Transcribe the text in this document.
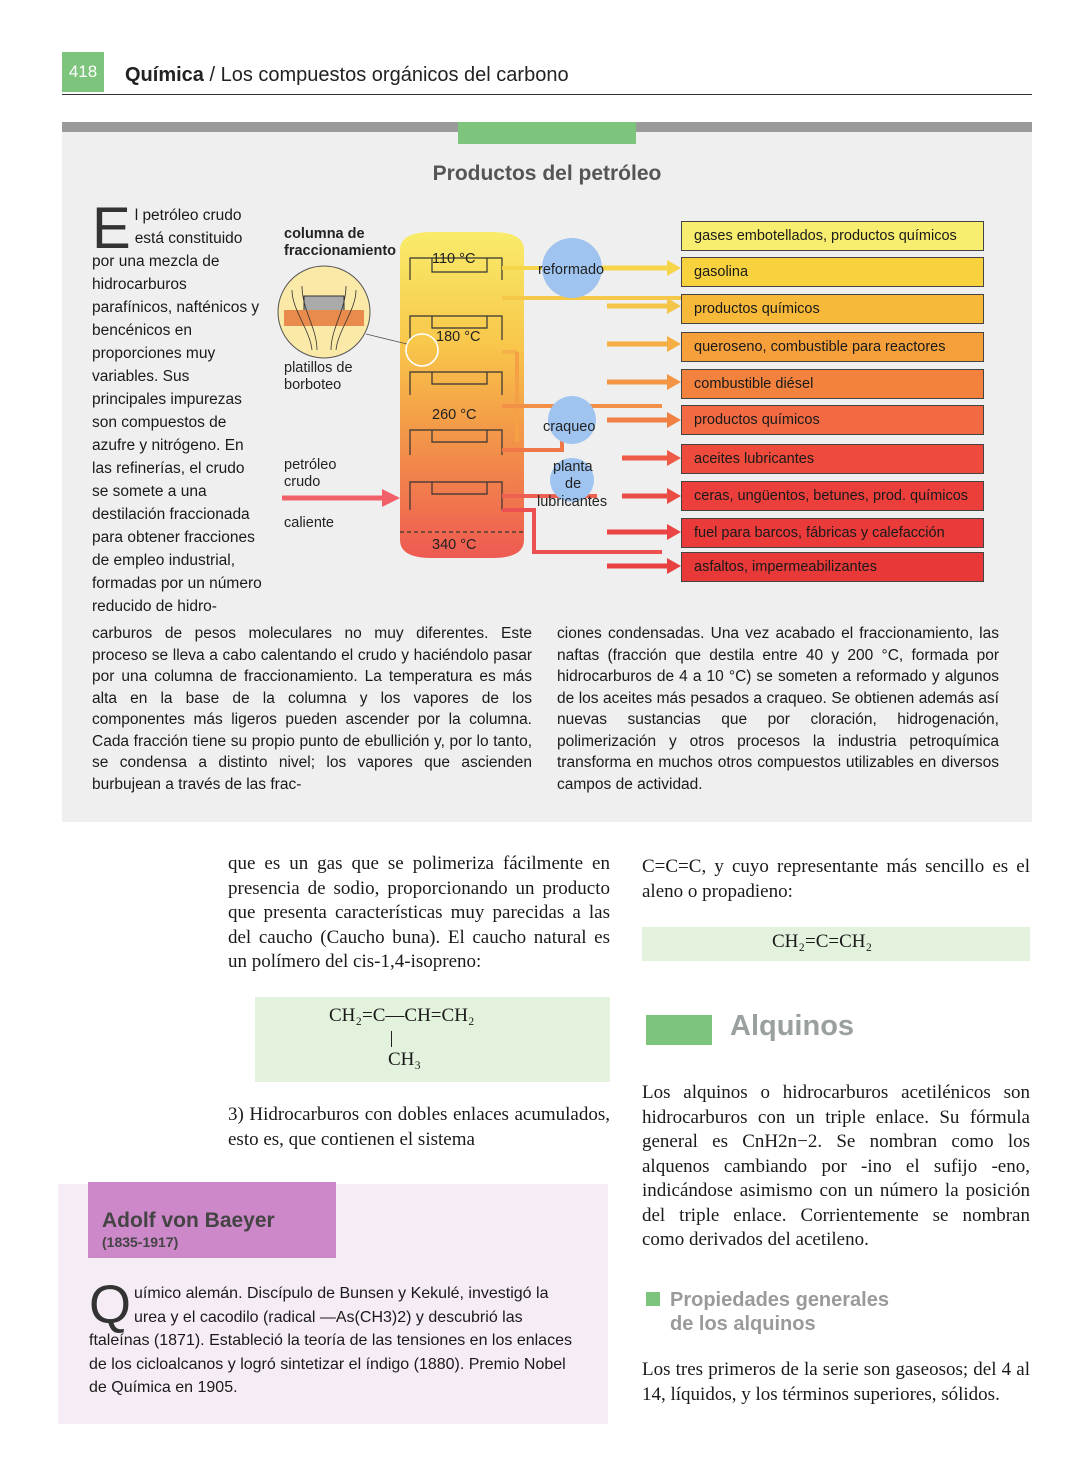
418	Química / Los compuestos orgánicos del carbono
Productos del petróleo
El petróleo crudo está constituido por una mezcla de hidrocarburos parafínicos, nafténicos y bencénicos en proporciones muy variables. Sus principales impurezas son compuestos de azufre y nitrógeno. En las refinerías, el crudo se somete a una destilación fraccionada para obtener fracciones de empleo industrial, formadas por un número reducido de hidro-
columna de fraccionamiento
platillos de borboteo
petróleo
crudo
caliente
110 °C
180 °C
260 °C
340 °C
reformado
craqueo
planta
de
lubricantes
gases embotellados, productos químicos
gasolina
productos químicos
queroseno, combustible para reactores
combustible diésel
productos químicos
aceites lubricantes
ceras, ungüentos, betunes, prod. químicos
fuel para barcos, fábricas y calefacción
asfaltos, impermeabilizantes
carburos de pesos moleculares no muy diferentes. Este proceso se lleva a cabo calentando el crudo y haciéndolo pasar por una columna de fraccionamiento. La temperatura es más alta en la base de la columna y los vapores de los componentes más ligeros pueden ascender por la columna. Cada fracción tiene su propio punto de ebullición y, por lo tanto, se condensa a distinto nivel; los vapores que ascienden burbujean a través de las frac-
ciones condensadas. Una vez acabado el fraccionamiento, las naftas (fracción que destila entre 40 y 200 °C, formada por hidrocarburos de 4 a 10 °C) se someten a reformado y algunos de los aceites más pesados a craqueo. Se obtienen además así nuevas sustancias que por cloración, hidrogenación, polimerización y otros procesos la industria petroquímica transforma en muchos otros compuestos utilizables en diversos campos de actividad.
que es un gas que se polimeriza fácilmente en presencia de sodio, proporcionando un producto que presenta características muy parecidas a las del caucho (Caucho buna). El caucho natural es un polímero del cis-1,4-isopreno:
CH₂=C—CH=CH₂
CH₃
3) Hidrocarburos con dobles enlaces acumulados, esto es, que contienen el sistema
C=C=C, y cuyo representante más sencillo es el aleno o propadieno:
CH₂=C=CH₂
Alquinos
Los alquinos o hidrocarburos acetilénicos son hidrocarburos con un triple enlace. Su fórmula general es CnH2n−2. Se nombran como los alquenos cambiando por -ino el sufijo -eno, indicándose asimismo con un número la posición del triple enlace. Corrientemente se nombran como derivados del acetileno.
Propiedades generales
de los alquinos
Los tres primeros de la serie son gaseosos; del 4 al 14, líquidos, y los términos superiores, sólidos.
Adolf von Baeyer
(1835-1917)
Químico alemán. Discípulo de Bunsen y Kekulé, investigó la urea y el cacodilo (radical —As(CH3)2) y descubrió las ftaleínas (1871). Estableció la teoría de las tensiones en los enlaces de los cicloalcanos y logró sintetizar el índigo (1880). Premio Nobel de Química en 1905.
